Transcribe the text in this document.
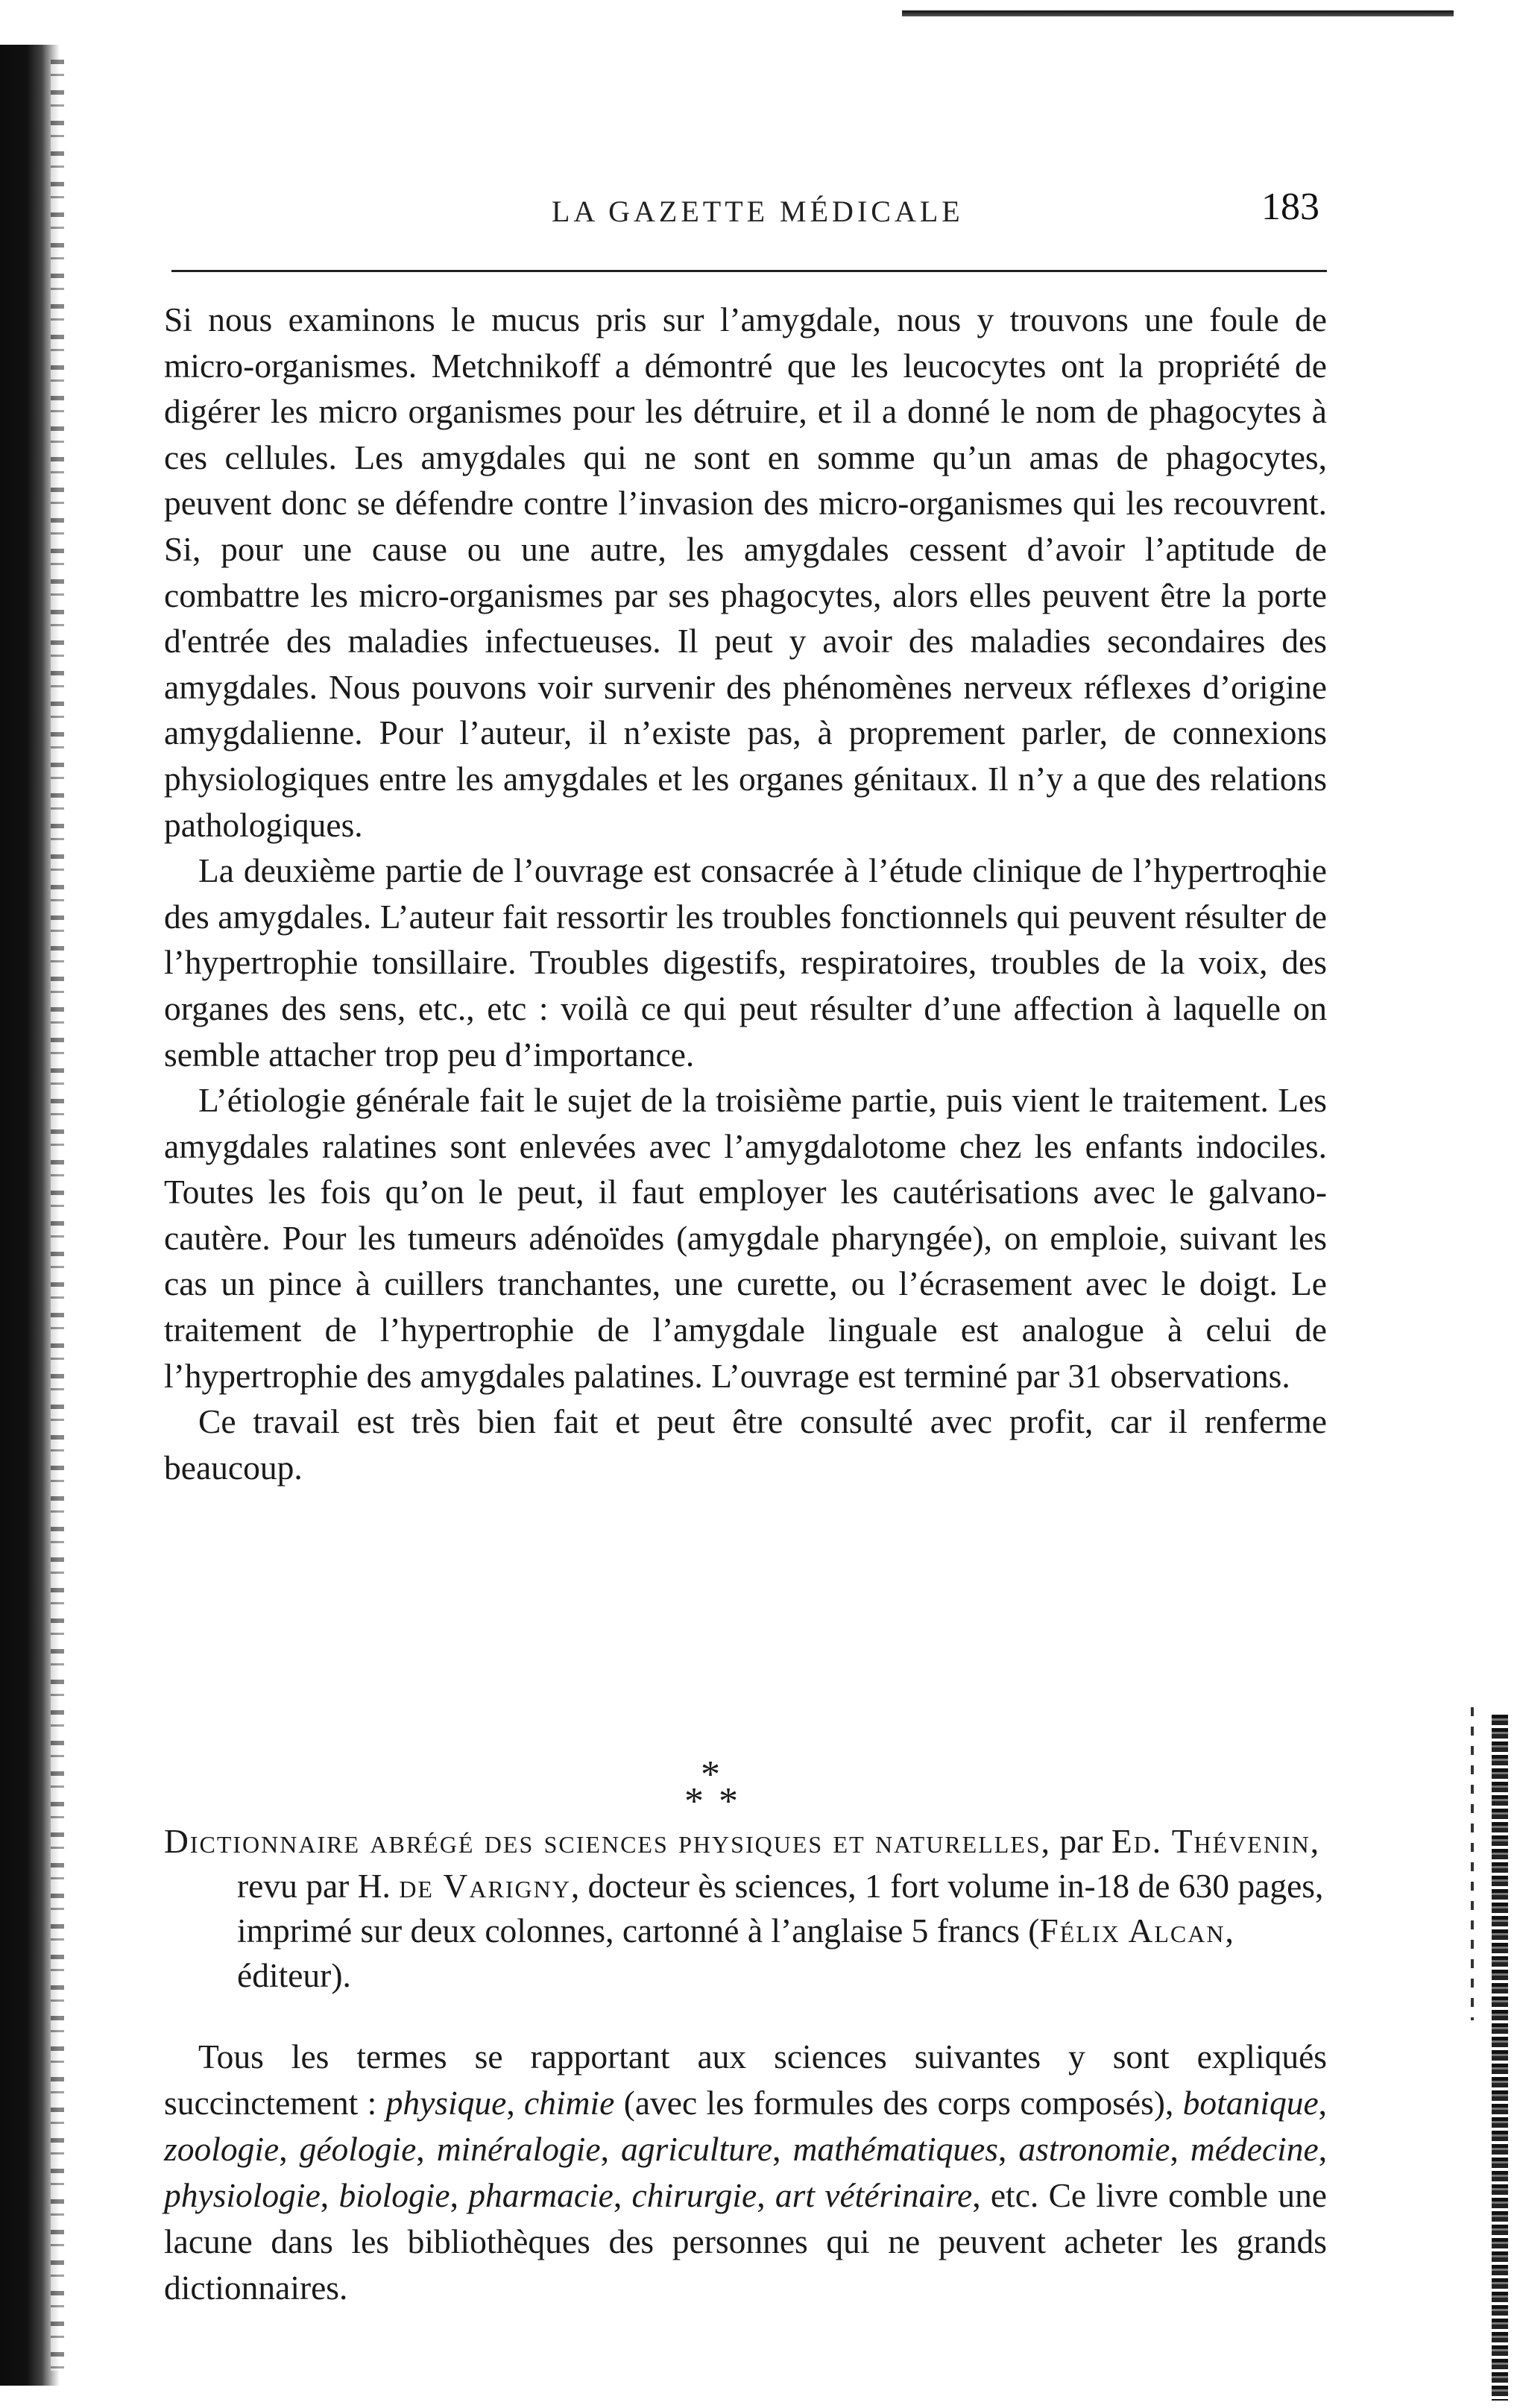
LA GAZETTE MÉDICALE	183

Si nous examinons le mucus pris sur l’amygdale, nous y trouvons une foule de micro-organismes. Metchnikoff a démontré que les leucocytes ont la propriété de digérer les micro organismes pour les détruire, et il a donné le nom de phagocytes à ces cellules. Les amygdales qui ne sont en somme qu’un amas de phagocytes, peuvent donc se défendre contre l’invasion des micro-organismes qui les recouvrent. Si, pour une cause ou une autre, les amygdales cessent d’avoir l’aptitude de combattre les micro-organismes par ses phagocytes, alors elles peuvent être la porte d'entrée des maladies infectueuses. Il peut y avoir des maladies secondaires des amygdales. Nous pouvons voir survenir des phénomènes nerveux réflexes d’origine amygdalienne. Pour l’auteur, il n’existe pas, à proprement parler, de connexions physiologiques entre les amygdales et les organes génitaux. Il n’y a que des relations pathologiques.

La deuxième partie de l’ouvrage est consacrée à l’étude clinique de l’hypertroqhie des amygdales. L’auteur fait ressortir les troubles fonctionnels qui peuvent résulter de l’hypertrophie tonsillaire. Troubles digestifs, respiratoires, troubles de la voix, des organes des sens, etc., etc : voilà ce qui peut résulter d’une affection à laquelle on semble attacher trop peu d’importance.

L’étiologie générale fait le sujet de la troisième partie, puis vient le traitement. Les amygdales ralatines sont enlevées avec l’amygdalotome chez les enfants indociles. Toutes les fois qu’on le peut, il faut employer les cautérisations avec le galvano-cautère. Pour les tumeurs adénoïdes (amygdale pharyngée), on emploie, suivant les cas un pince à cuillers tranchantes, une curette, ou l’écrasement avec le doigt. Le traitement de l’hypertrophie de l’amygdale linguale est analogue à celui de l’hypertrophie des amygdales palatines. L’ouvrage est terminé par 31 observations.

Ce travail est très bien fait et peut être consulté avec profit, car il renferme beaucoup.

*
* *

Dictionnaire abrégé des sciences physiques et naturelles, par Ed. Thévenin, revu par H. de Varigny, docteur ès sciences, 1 fort volume in-18 de 630 pages, imprimé sur deux colonnes, cartonné à l’anglaise 5 francs (Félix Alcan, éditeur).

Tous les termes se rapportant aux sciences suivantes y sont expliqués succinctement : physique, chimie (avec les formules des corps composés), botanique, zoologie, géologie, minéralogie, agriculture, mathématiques, astronomie, médecine, physiologie, biologie, pharmacie, chirurgie, art vétérinaire, etc. Ce livre comble une lacune dans les bibliothèques des personnes qui ne peuvent acheter les grands dictionnaires.
